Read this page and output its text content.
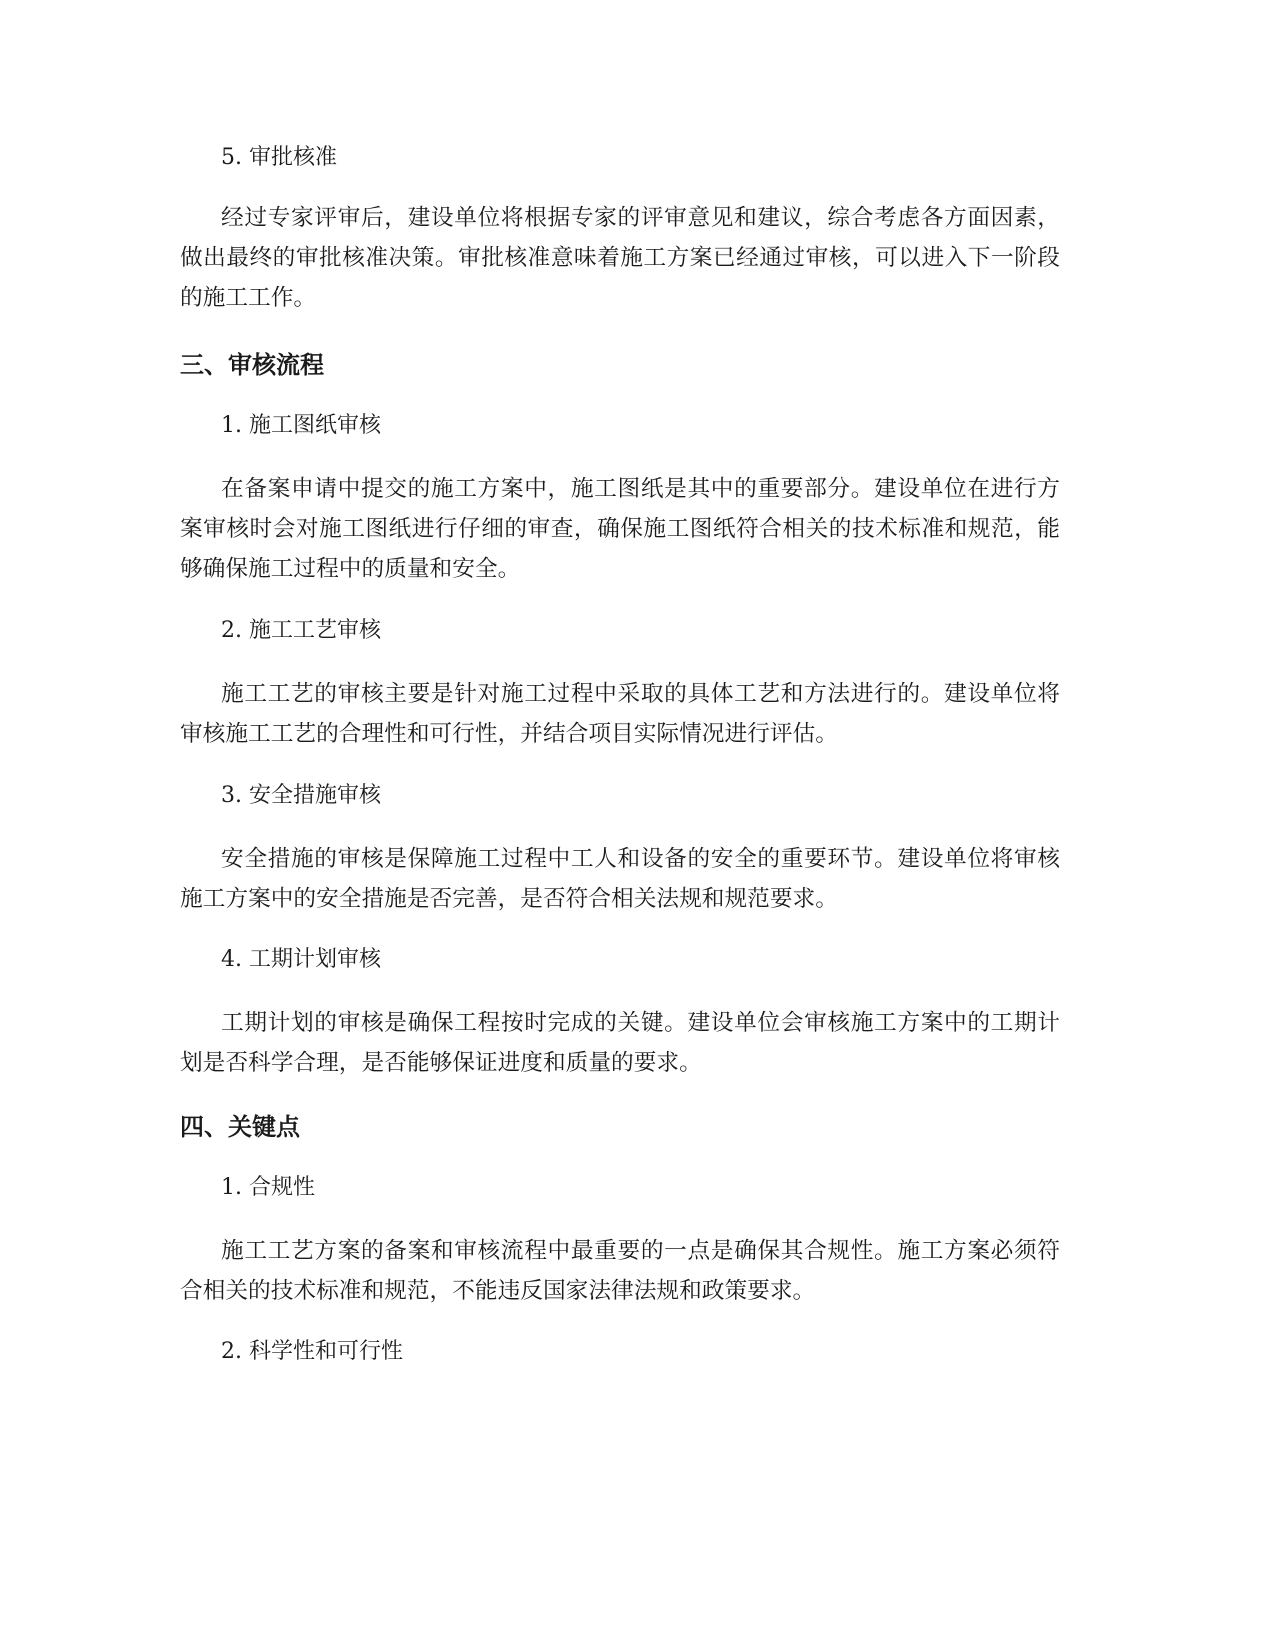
5. 审批核准

经过专家评审后，建设单位将根据专家的评审意见和建议，综合考虑各方面因素，做出最终的审批核准决策。审批核准意味着施工方案已经通过审核，可以进入下一阶段的施工工作。

三、审核流程

1. 施工图纸审核

在备案申请中提交的施工方案中，施工图纸是其中的重要部分。建设单位在进行方案审核时会对施工图纸进行仔细的审查，确保施工图纸符合相关的技术标准和规范，能够确保施工过程中的质量和安全。

2. 施工工艺审核

施工工艺的审核主要是针对施工过程中采取的具体工艺和方法进行的。建设单位将审核施工工艺的合理性和可行性，并结合项目实际情况进行评估。

3. 安全措施审核

安全措施的审核是保障施工过程中工人和设备的安全的重要环节。建设单位将审核施工方案中的安全措施是否完善，是否符合相关法规和规范要求。

4. 工期计划审核

工期计划的审核是确保工程按时完成的关键。建设单位会审核施工方案中的工期计划是否科学合理，是否能够保证进度和质量的要求。

四、关键点

1. 合规性

施工工艺方案的备案和审核流程中最重要的一点是确保其合规性。施工方案必须符合相关的技术标准和规范，不能违反国家法律法规和政策要求。

2. 科学性和可行性
